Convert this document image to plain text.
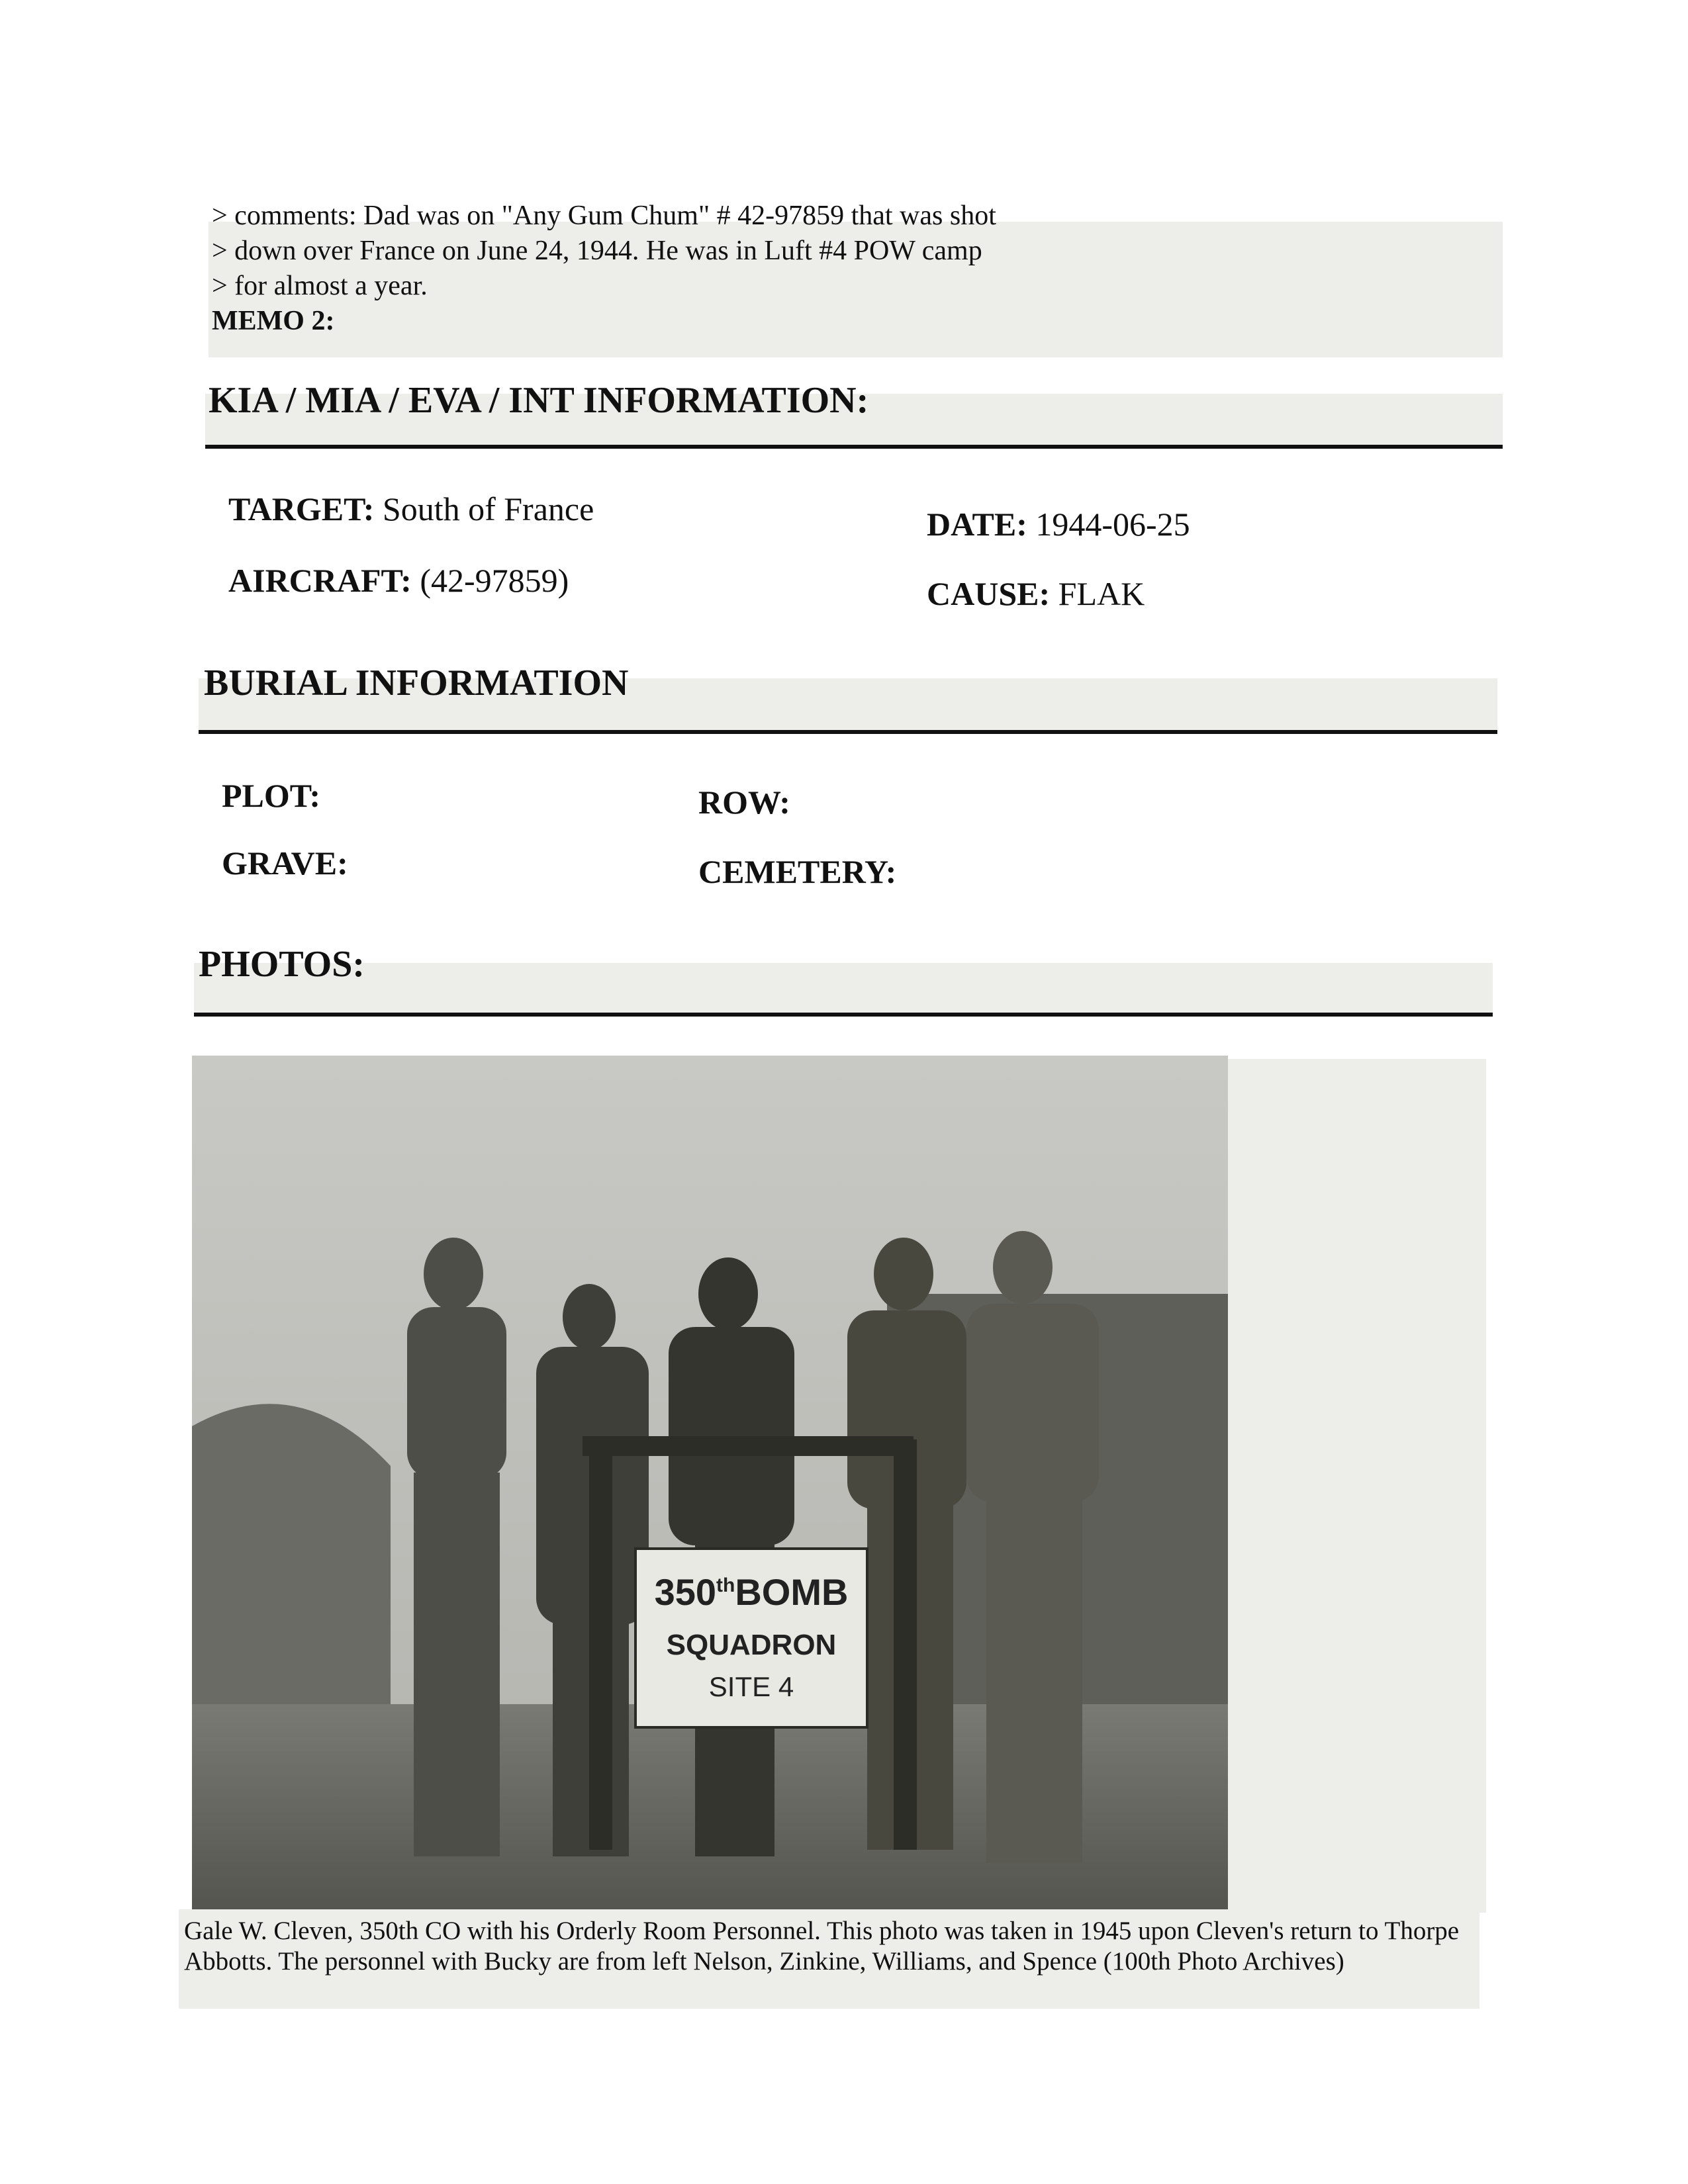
> comments: Dad was on "Any Gum Chum" # 42-97859 that was shot
> down over France on June 24, 1944. He was in Luft #4 POW camp
> for almost a year.
MEMO 2:
KIA / MIA / EVA / INT INFORMATION:
TARGET: South of France	DATE: 1944-06-25
AIRCRAFT: (42-97859)	CAUSE: FLAK
BURIAL INFORMATION
PLOT:	ROW:
GRAVE:	CEMETERY:
PHOTOS:
350thBOMB
SQUADRON
SITE 4
Gale W. Cleven, 350th CO with his Orderly Room Personnel. This photo was taken in 1945 upon Cleven's return to Thorpe Abbotts. The personnel with Bucky are from left Nelson, Zinkine, Williams, and Spence (100th Photo Archives)
